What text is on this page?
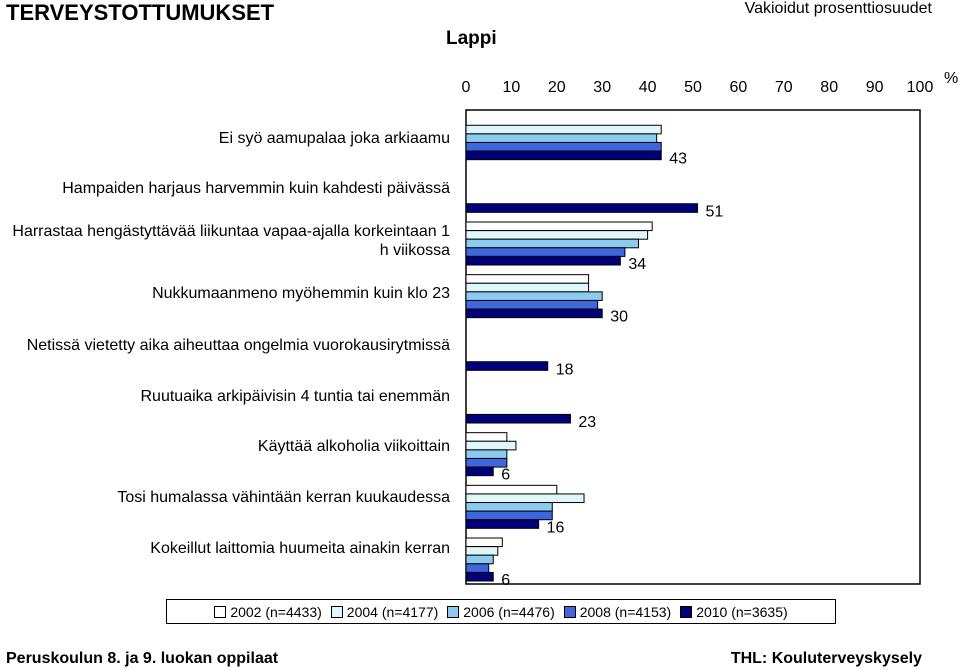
TERVEYSTOTTUMUKSET	Vakioidut prosenttiosuudet
Lappi
%
Ei syö aamupalaa joka arkiaamu
Hampaiden harjaus harvemmin kuin kahdesti päivässä
Harrastaa hengästyttävää liikuntaa vapaa-ajalla korkeintaan 1 h viikossa
Nukkumaanmeno myöhemmin kuin klo 23
Netissä vietetty aika aiheuttaa ongelmia vuorokausirytmissä
Ruutuaika arkipäivisin 4 tuntia tai enemmän
Käyttää alkoholia viikoittain
Tosi humalassa vähintään kerran kuukaudessa
Kokeillut laittomia huumeita ainakin kerran
0 10 20 30 40 50 60 70 80 90 100
43
51
34
30
18
23
6
16
6
2002 (n=4433) 2004 (n=4177) 2006 (n=4476) 2008 (n=4153) 2010 (n=3635)
Peruskoulun 8. ja 9. luokan oppilaat	THL: Kouluterveyskysely
